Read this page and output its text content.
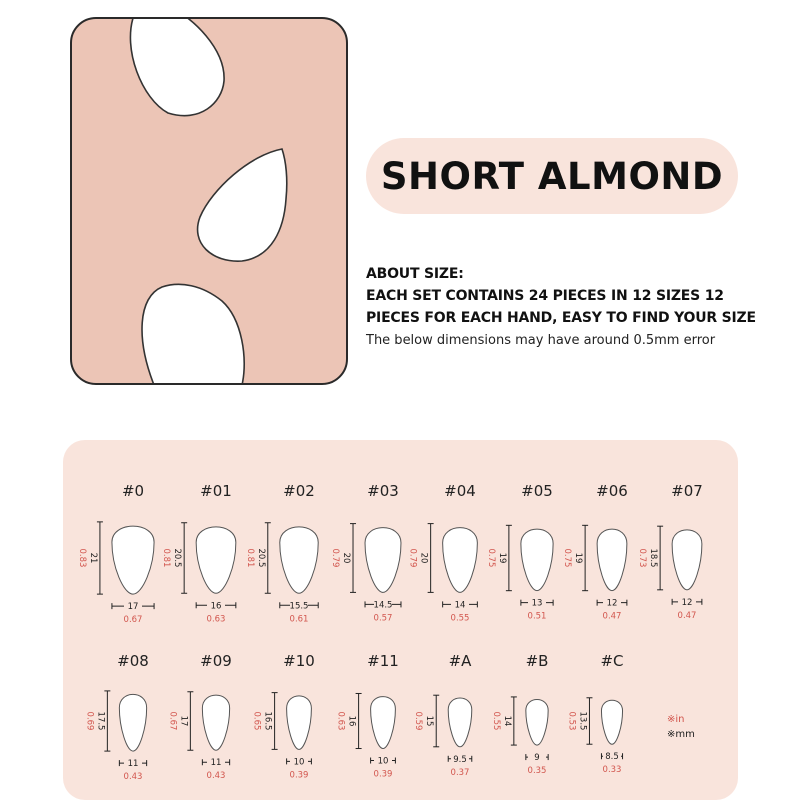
SHORT ALMOND
ABOUT SIZE:
EACH SET CONTAINS 24 PIECES IN 12 SIZES 12
PIECES FOR EACH HAND, EASY TO FIND YOUR SIZE
The below dimensions may have around 0.5mm error
#0
21
0.83
17
0.67
#01
20.5
0.81
16
0.63
#02
20.5
0.81
15.5
0.61
#03
20
0.79
14.5
0.57
#04
20
0.79
14
0.55
#05
19
0.75
13
0.51
#06
19
0.75
12
0.47
#07
18.5
0.73
12
0.47
#08
17.5
0.69
11
0.43
#09
17
0.67
11
0.43
#10
16.5
0.65
10
0.39
#11
16
0.63
10
0.39
#A
15
0.59
9.5
0.37
#B
14
0.55
9
0.35
#C
13.5
0.53
8.5
0.33
※in
※mm
